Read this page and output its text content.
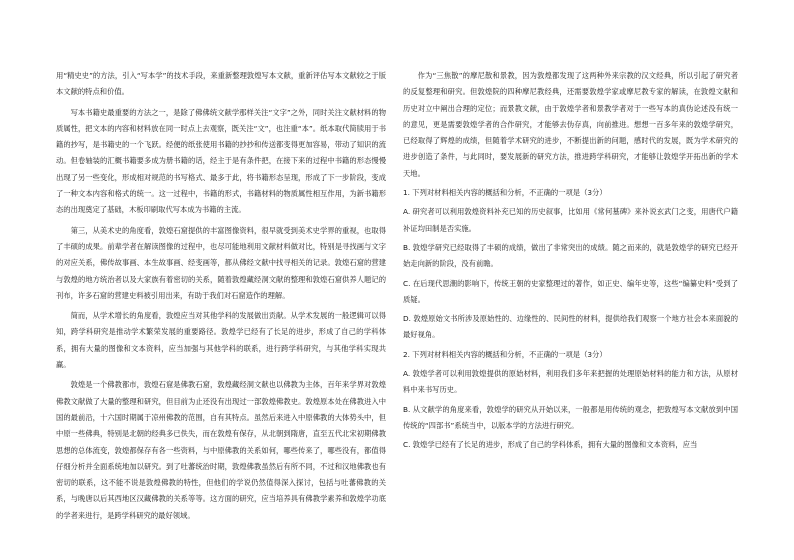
用“精史史”的方法，引入“写本学”的技术手段，来重新整理敦煌写本文献，重新评估写本文献较之于版本文献的特点和价值。

写本书籍史最重要的方法之一，是除了佛佛统文献学那样关注“文字”之外，同时关注文献材料的物质属性，把文本的内容和材料放在同一时点上去观察，既关注“文”，也注重“本”。纸本取代简牍用于书籍的抄写，是书籍史的一个飞跃。经便的纸张使用书籍的抄抄和传送都变得更加容易，带动了知识的流动。但卷轴装的汇概书籍要多成为册书籍的话，经主于是有条件把，在接下来的过程中书籍的形态慢慢出现了另一些变化，形成相对规范的书写格式、最多于此，将书籍形态呈现，形成了下一步阶段，变成了一种文本内容和格式的统一。这一过程中，书籍的形式，书籍材料的物质属性相互作用，为新书籍形态的出现奠定了基础，木板印刷取代写本成为书籍的主流。

第三，从美术史的角度看，敦煌石窟提供的丰富图像资料，很早就受到美术史学界的重视，也取得了丰硕的成果。前辈学者在解读图像的过程中，也尽可能地利用文献材料做对比，特别是寻找画与文字的对应关系，佛传故事画、本生故事画、经变画等，都从佛经文献中找寻相关的记录。敦煌石窟的营建与敦煌的地方统治者以及大家族有着密切的关系，随着敦煌藏经洞文献的整理和敦煌石窟供养人题记的刊布，许多石窟的营建史料被引用出来，有助于我们对石窟造作的理解。

简而，从学术增长的角度看，敦煌应当对其他学科的发展做出贡献。从学术发展的一般逻辑可以得知，跨学科研究是推动学术繁荣发展的重要路径。敦煌学已经有了长足的进步，形成了自己的学科体系，拥有大量的图像和文本资料，应当加强与其他学科的联系，进行跨学科研究，与其他学科实现共赢。

敦煌是一个佛教都市，敦煌石窟是佛教石窟，敦煌藏经洞文献也以佛教为主体，百年来学界对敦煌佛教文献做了大量的整理和研究，但目前为止还没有出现过一部敦煌佛教史。敦煌原本处在佛教进入中国的最前沿，十六国时期属于凉州佛教的范围，自有其特点。虽然后来进入中原佛教的大体势头中，但中原一些佛典，特别是北朝的经典多已佚失，而在敦煌有保存，从北朝到隋唐，直至五代北宋初期佛教思想的总体流变，敦煌都保存有各一些资料，与中原佛教的关系如何，哪些传来了，哪些没有，都值得仔细分析并全面系统地加以研究。到了吐蕃统治时期，敦煌佛教虽然后有所不同，不过和汉地佛教也有密切的联系，这不能不说是敦煌佛教的特性，但他们的学说仍然值得深入探讨，包括与吐蕃佛教的关系，与晚唐以后其西地区汉藏佛教的关系等等。这方面的研究，应当培养具有佛教学素养和敦煌学功底的学者来进行，是跨学科研究的最好领域。

作为“三焦散”的摩尼散和景教，因为敦煌都发现了这两种外来宗教的汉文经典，所以引起了研究者的反复整理和研究。但敦煌院的四种摩尼教经典，还需要敦煌学家或摩尼教专家的解读，在敦煌文献和历史对立中阐出合理的定位；而景教文献，由于敦煌学者和景教学者对于一些写本的真伪论述没有统一的意见，更是需要敦煌学者的合作研究，才能够去伪存真，向前推进。想想一百多年来的敦煌学研究，已经取得了辉煌的成绩，但随着学术研究的进步，不断提出新的问题，感时代的发展，既为学术研究的进步创造了条件，与此同时，要发展新的研究方法，推进跨学科研究，才能够让敦煌学开拓出新的学术天地。

1. 下列对材料相关内容的概括和分析，不正确的一项是（3分）

A. 研究者可以利用敦煌资料补充已知的历史叙事，比如用《常何墓碑》来补说玄武门之变，用唐代户籍补证均田制是否实施。

B. 敦煌学研究已经取得了丰硕的成绩，做出了非常突出的成绩。随之而来的，就是敦煌学的研究已经开始走向新的阶段，没有前瞻。

C. 在后现代思潮的影响下，传统王朝的史家整理过的著作，如正史、编年史等，这些“编纂史料”受到了质疑。

D. 敦煌原始文书所涉及原始性的、边缘性的、民间性的材料，提供给我们观察一个地方社会本来面貌的最好视角。

2. 下列对材料相关内容的概括和分析，不正确的一项是（3分）

A. 敦煌学者可以利用敦煌提供的原始材料，利用我们多年来把握的处理原始材料的能力和方法，从原材料中来书写历史。

B. 从文献学的角度来看，敦煌学的研究从开始以来，一般都是用传统的观念，把敦煌写本文献放到中国传统的“四部书”系统当中，以版本学的方法进行研究。

C. 敦煌学已经有了长足的进步，形成了自己的学科体系，拥有大量的图像和文本资料，应当
